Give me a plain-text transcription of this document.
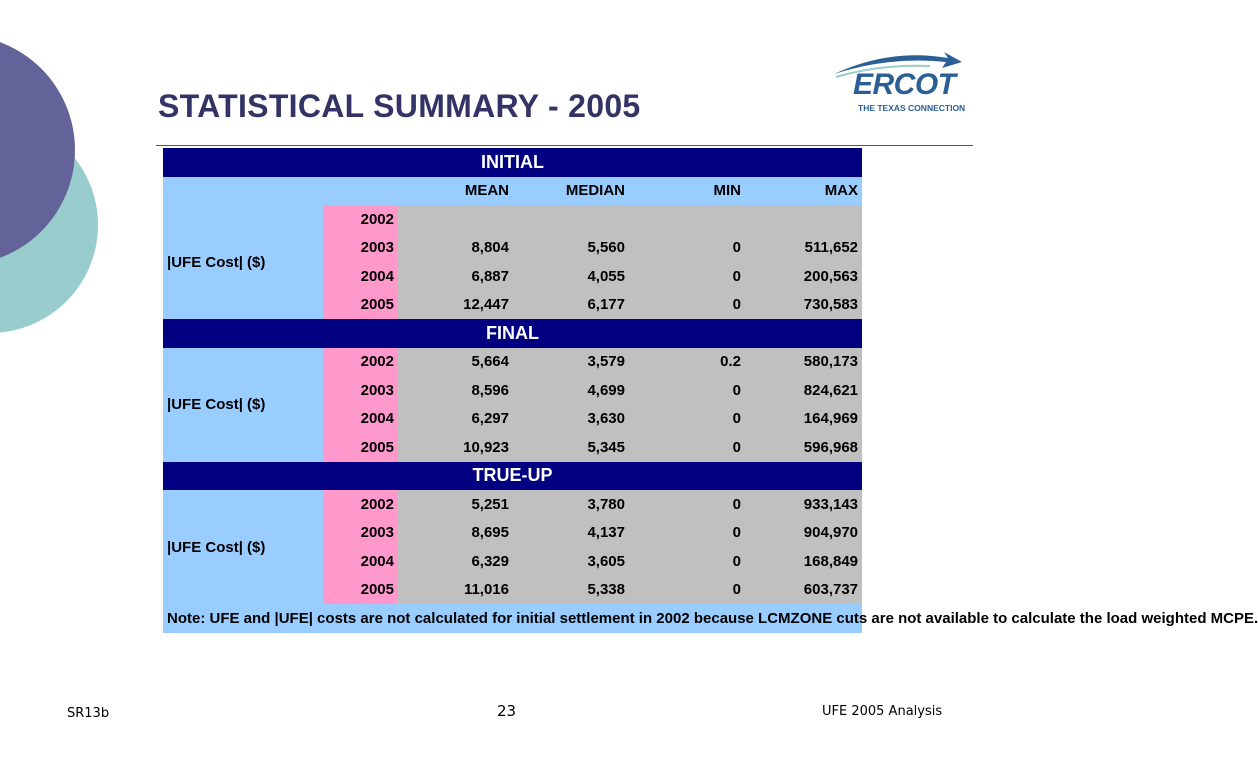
STATISTICAL SUMMARY - 2005
ERCOT
THE TEXAS CONNECTION
INITIAL					
		MEAN	MEDIAN	MIN	MAX
|UFE Cost| ($)	2002				
	2003	8,804	5,560	0	511,652
	2004	6,887	4,055	0	200,563
	2005	12,447	6,177	0	730,583
FINAL					
|UFE Cost| ($)	2002	5,664	3,579	0.2	580,173
	2003	8,596	4,699	0	824,621
	2004	6,297	3,630	0	164,969
	2005	10,923	5,345	0	596,968
TRUE-UP					
|UFE Cost| ($)	2002	5,251	3,780	0	933,143
	2003	8,695	4,137	0	904,970
	2004	6,329	3,605	0	168,849
	2005	11,016	5,338	0	603,737
Note: UFE and |UFE| costs are not calculated for initial settlement in 2002 because LCMZONE cuts are not available to calculate the load weighted MCPE.					
SR13b	23	UFE 2005 Analysis
